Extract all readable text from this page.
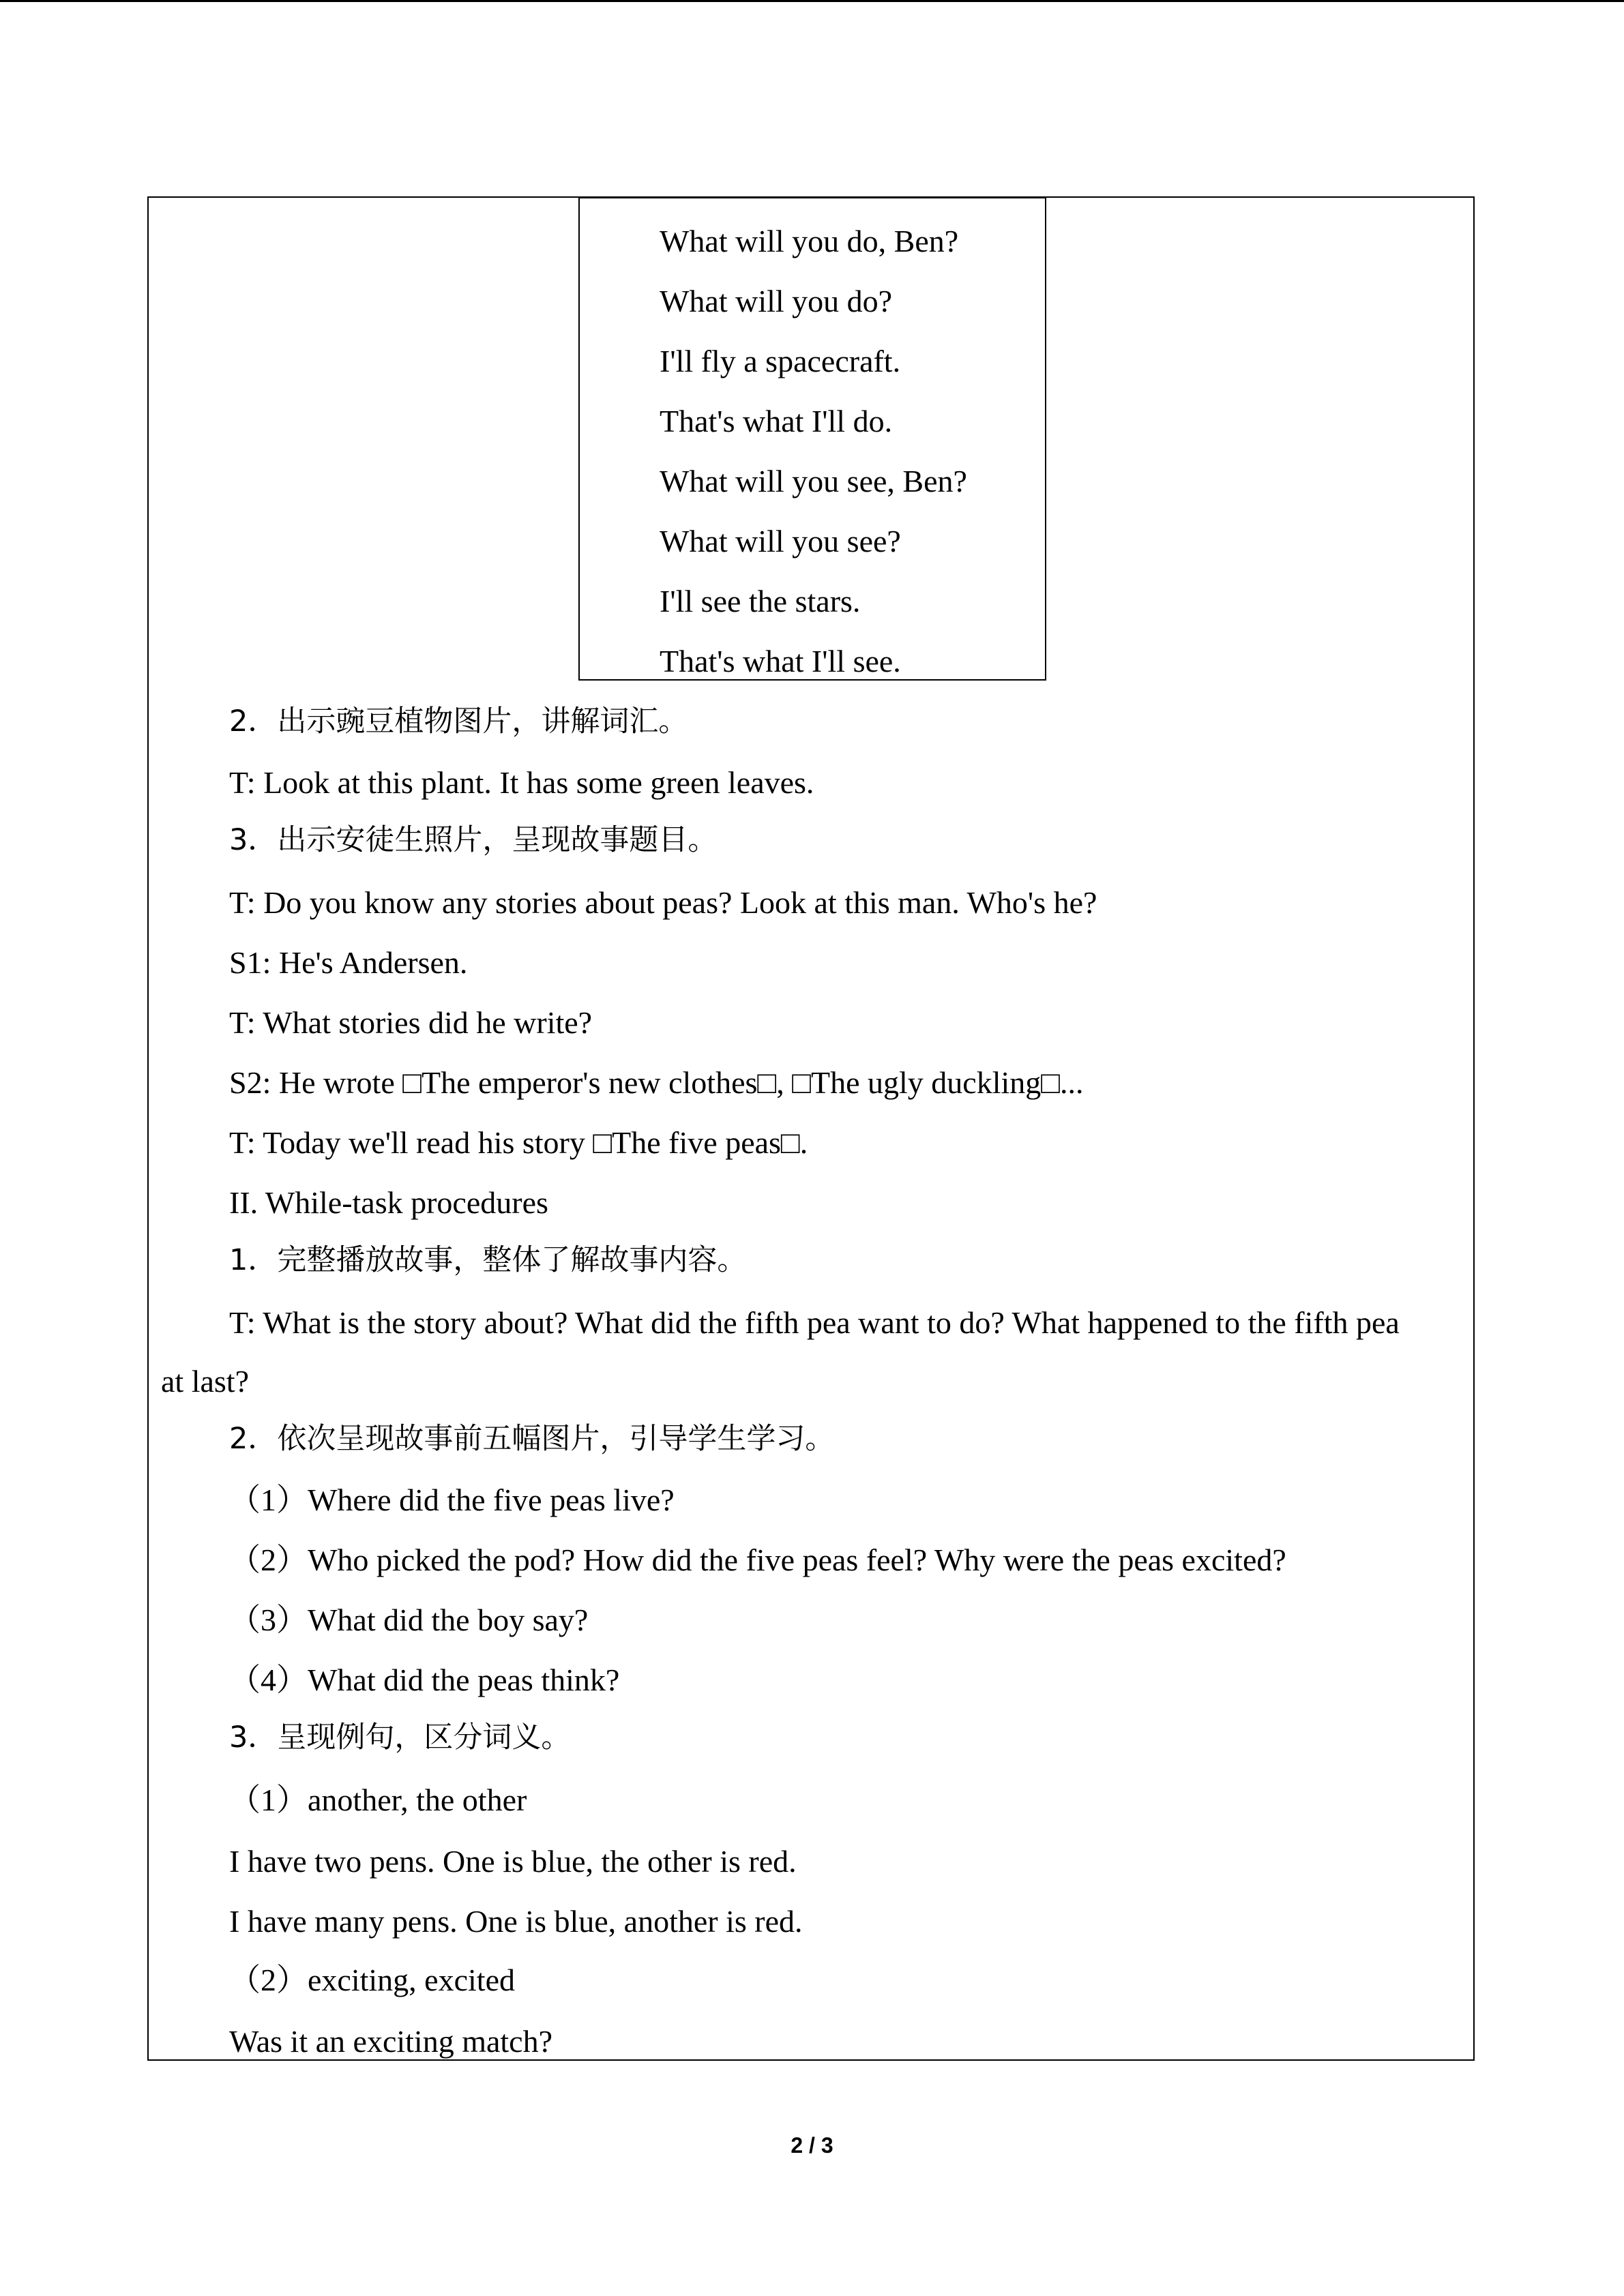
What will you do, Ben?
What will you do?
I'll fly a spacecraft.
That's what I'll do.
What will you see, Ben?
What will you see?
I'll see the stars.
That's what I'll see.
2．出示豌豆植物图片，讲解词汇。
T: Look at this plant. It has some green leaves.
3．出示安徒生照片，呈现故事题目。
T: Do you know any stories about peas? Look at this man. Who's he?
S1: He's Andersen.
T: What stories did he write?
S2: He wrote □The emperor's new clothes□, □The ugly duckling□...
T: Today we'll read his story □The five peas□.
II. While-task procedures
1．完整播放故事，整体了解故事内容。
T: What is the story about? What did the fifth pea want to do? What happened to the fifth pea
at last?
2．依次呈现故事前五幅图片，引导学生学习。
（1）Where did the five peas live?
（2）Who picked the pod? How did the five peas feel? Why were the peas excited?
（3）What did the boy say?
（4）What did the peas think?
3．呈现例句，区分词义。
（1）another, the other
I have two pens. One is blue, the other is red.
I have many pens. One is blue, another is red.
（2）exciting, excited
Was it an exciting match?
2 / 3
